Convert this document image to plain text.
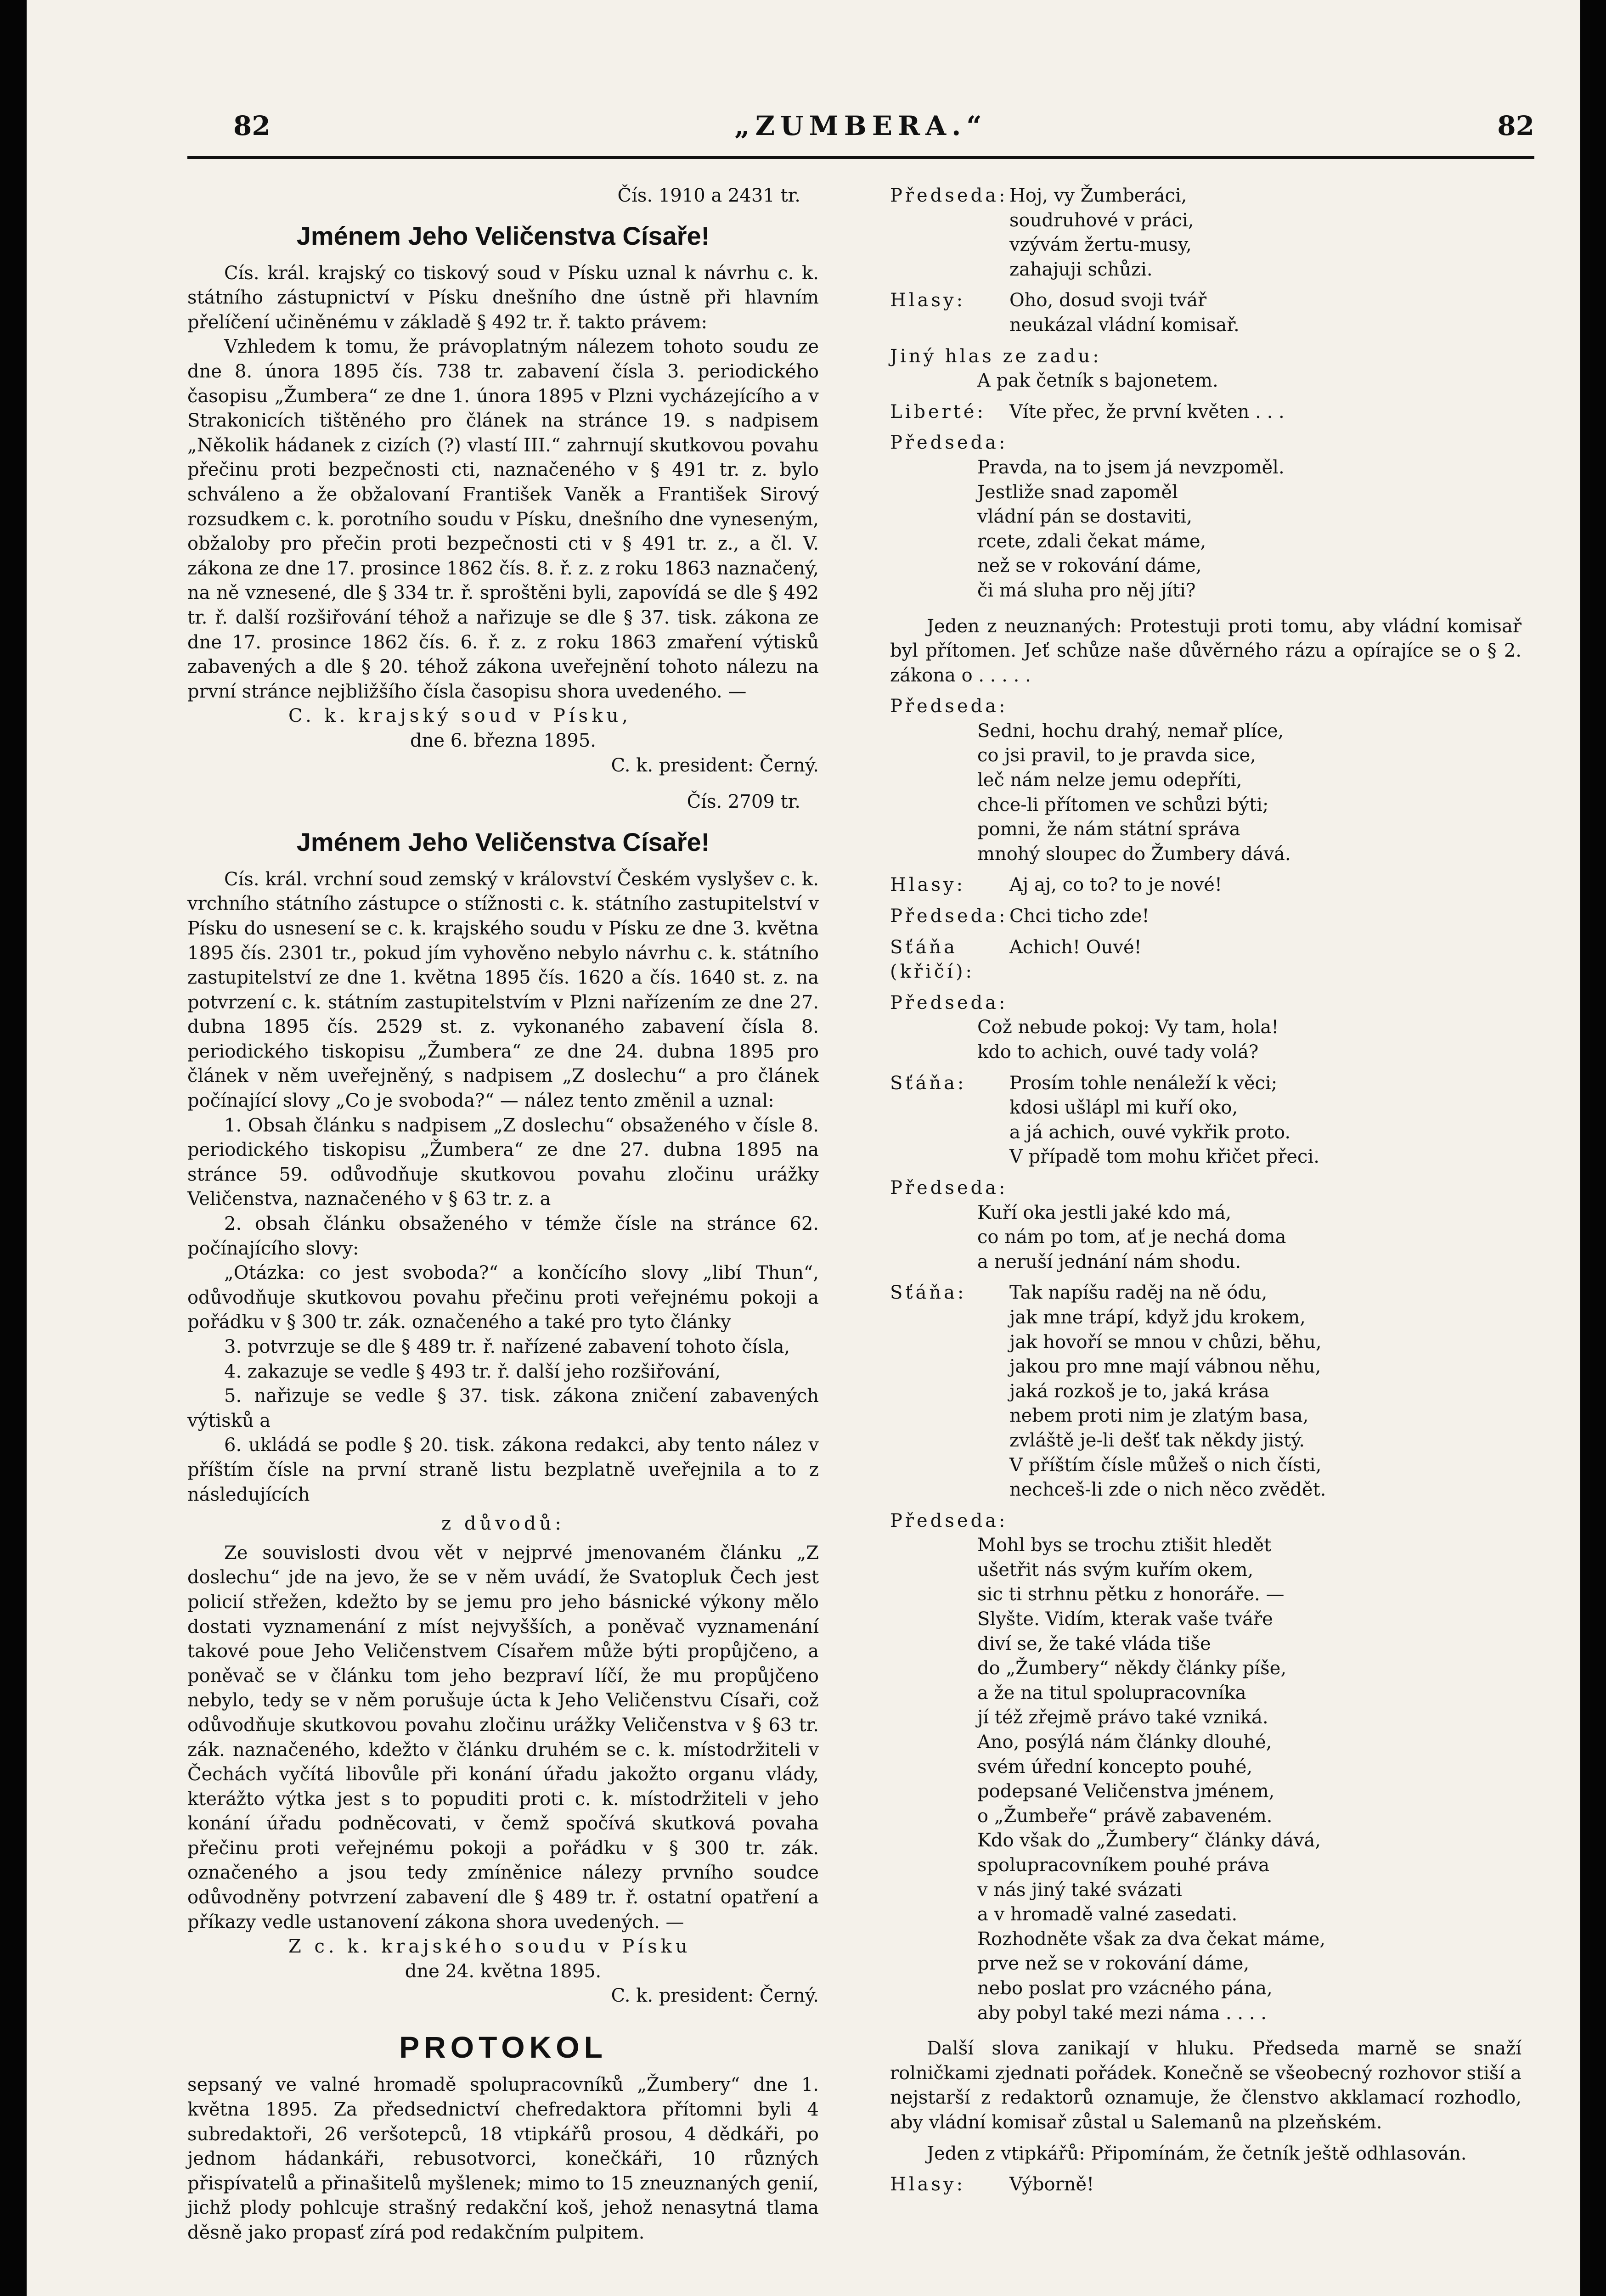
82	„ZUMBERA.“	82

Čís. 1910 a 2431 tr.

Jménem Jeho Veličenstva Císaře!

Cís. král. krajský co tiskový soud v Písku uznal k návrhu c. k. státního zástupnictví v Písku dnešního dne ústně při hlavním přelíčení učiněnému v základě § 492 tr. ř. takto právem:

Vzhledem k tomu, že právoplatným nálezem tohoto soudu ze dne 8. února 1895 čís. 738 tr. zabavení čísla 3. periodického časopisu „Žumbera“ ze dne 1. února 1895 v Plzni vycházejícího a v Strakonicích tištěného pro článek na stránce 19. s nadpisem „Několik hádanek z cizích (?) vlastí III.“ zahrnují skutkovou povahu přečinu proti bezpečnosti cti, naznačeného v § 491 tr. z. bylo schváleno a že obžalovaní František Vaněk a František Sirový rozsudkem c. k. porotního soudu v Písku, dnešního dne vyneseným, obžaloby pro přečin proti bezpečnosti cti v § 491 tr. z., a čl. V. zákona ze dne 17. prosince 1862 čís. 8. ř. z. z roku 1863 naznačený, na ně vznesené, dle § 334 tr. ř. sproštěni byli, zapovídá se dle § 492 tr. ř. další rozšiřování téhož a nařizuje se dle § 37. tisk. zákona ze dne 17. prosince 1862 čís. 6. ř. z. z roku 1863 zmaření výtisků zabavených a dle § 20. téhož zákona uveřejnění tohoto nálezu na první stránce nejbližšího čísla časopisu shora uvedeného. —

C. k. krajský soud v Písku,

dne 6. března 1895.

C. k. president: Černý.

Čís. 2709 tr.

Jménem Jeho Veličenstva Císaře!

Cís. král. vrchní soud zemský v království Českém vyslyšev c. k. vrchního státního zástupce o stížnosti c. k. státního zastupitelství v Písku do usnesení se c. k. krajského soudu v Písku ze dne 3. května 1895 čís. 2301 tr., pokud jím vyhověno nebylo návrhu c. k. státního zastupitelství ze dne 1. května 1895 čís. 1620 a čís. 1640 st. z. na potvrzení c. k. státním zastupitelstvím v Plzni nařízením ze dne 27. dubna 1895 čís. 2529 st. z. vykonaného zabavení čísla 8. periodického tiskopisu „Žumbera“ ze dne 24. dubna 1895 pro článek v něm uveřejněný, s nadpisem „Z doslechu“ a pro článek počínající slovy „Co je svoboda?“ — nález tento změnil a uznal:

1. Obsah článku s nadpisem „Z doslechu“ obsaženého v čísle 8. periodického tiskopisu „Žumbera“ ze dne 27. dubna 1895 na stránce 59. odůvodňuje skutkovou povahu zločinu urážky Veličenstva, naznačeného v § 63 tr. z. a

2. obsah článku obsaženého v témže čísle na stránce 62. počínajícího slovy:

„Otázka: co jest svoboda?“ a končícího slovy „libí Thun“, odůvodňuje skutkovou povahu přečinu proti veřejnému pokoji a pořádku v § 300 tr. zák. označeného a také pro tyto články

3. potvrzuje se dle § 489 tr. ř. nařízené zabavení tohoto čísla,

4. zakazuje se vedle § 493 tr. ř. další jeho rozšiřování,

5. nařizuje se vedle § 37. tisk. zákona zničení zabavených výtisků a

6. ukládá se podle § 20. tisk. zákona redakci, aby tento nález v příštím čísle na první straně listu bezplatně uveřejnila a to z následujících

z důvodů:

Ze souvislosti dvou vět v nejprvé jmenovaném článku „Z doslechu“ jde na jevo, že se v něm uvádí, že Svatopluk Čech jest policií střežen, kdežto by se jemu pro jeho básnické výkony mělo dostati vyznamenání z míst nejvyšších, a poněvač vyznamenání takové poue Jeho Veličenstvem Císařem může býti propůjčeno, a poněvač se v článku tom jeho bezpraví líčí, že mu propůjčeno nebylo, tedy se v něm porušuje úcta k Jeho Veličenstvu Císaři, což odůvodňuje skutkovou povahu zločinu urážky Veličenstva v § 63 tr. zák. naznačeného, kdežto v článku druhém se c. k. místodržiteli v Čechách vyčítá libovůle při konání úřadu jakožto organu vlády, kterážto výtka jest s to popuditi proti c. k. místodržiteli v jeho konání úřadu podněcovati, v čemž spočívá skutková povaha přečinu proti veřejnému pokoji a pořádku v § 300 tr. zák. označeného a jsou tedy zmíněnice nálezy prvního soudce odůvodněny potvrzení zabavení dle § 489 tr. ř. ostatní opatření a příkazy vedle ustanovení zákona shora uvedených. —

Z c. k. krajského soudu v Písku

dne 24. května 1895.

C. k. president: Černý.

PROTOKOL

sepsaný ve valné hromadě spolupracovníků „Žumbery“ dne 1. května 1895. Za předsednictví chefredaktora přítomni byli 4 subredaktoři, 26 veršotepců, 18 vtipkářů prosou, 4 dědkáři, po jednom hádankáři, rebusotvorci, konečkáři, 10 různých přispívatelů a přinašitelů myšlenek; mimo to 15 zneuznaných genií, jichž plody pohlcuje strašný redakční koš, jehož nenasytná tlama děsně jako propasť zírá pod redakčním pulpitem.

Předseda: Hoj, vy Žumberáci,
soudruhové v práci,
vzývám žertu-musy,
zahajuji schůzi.
Hlasy:	Oho, dosud svoji tvář
neukázal vládní komisař.

Jiný hlas ze zadu:

A pak četník s bajonetem.

Liberté:	Víte přec, že první květen . . .

Předseda:

Pravda, na to jsem já nevzpoměl.
Jestliže snad zapoměl
vládní pán se dostaviti,
rcete, zdali čekat máme,
než se v rokování dáme,
či má sluha pro něj jíti?

Jeden z neuznaných: Protestuji proti tomu, aby vládní komisař byl přítomen. Jeť schůze naše důvěrného rázu a opírajíce se o § 2. zákona o . . . . .

Předseda:

Sedni, hochu drahý, nemař plíce,
co jsi pravil, to je pravda sice,
leč nám nelze jemu odepříti,
chce-li přítomen ve schůzi býti;
pomni, že nám státní správa
mnohý sloupec do Žumbery dává.

Hlasy:	Aj aj, co to? to je nové!
Předseda: Chci ticho zde!
Sťáňa (křičí):
Achich! Ouvé!

Předseda:

Což nebude pokoj: Vy tam, hola!
kdo to achich, ouvé tady volá?

Sťáňa:	Prosím tohle nenáleží k věci;
kdosi ušlápl mi kuří oko,
a já achich, ouvé vykřik proto.
V případě tom mohu křičet přeci.

Předseda:

Kuří oka jestli jaké kdo má,
co nám po tom, ať je nechá doma
a neruší jednání nám shodu.

Sťáňa:	Tak napíšu raděj na ně ódu,
jak mne trápí, když jdu krokem,
jak hovoří se mnou v chůzi, běhu,
jakou pro mne mají vábnou něhu,
jaká rozkoš je to, jaká krása
nebem proti nim je zlatým basa,
zvláště je-li dešť tak někdy jistý.
V příštím čísle můžeš o nich čísti,
nechceš-li zde o nich něco zvědět.

Předseda:

Mohl bys se trochu ztišit hledět
ušetřit nás svým kuřím okem,
sic ti strhnu pětku z honoráře. —
Slyšte. Vidím, kterak vaše tváře
diví se, že také vláda tiše
do „Žumbery“ někdy články píše,
a že na titul spolupracovníka
jí též zřejmě právo také vzniká.
Ano, posýlá nám články dlouhé,
svém úřední koncepto pouhé,
podepsané Veličenstva jménem,
o „Žumbeře“ právě zabaveném.
Kdo však do „Žumbery“ články dává,
spolupracovníkem pouhé práva
v nás jiný také svázati
a v hromadě valné zasedati.
Rozhodněte však za dva čekat máme,
prve než se v rokování dáme,
nebo poslat pro vzácného pána,
aby pobyl také mezi náma . . . .

Další slova zanikají v hluku. Předseda marně se snaží rolničkami zjednati pořádek. Konečně se všeobecný rozhovor stiší a nejstarší z redaktorů oznamuje, že členstvo akklamací rozhodlo, aby vládní komisař zůstal u Salemanů na plzeňském.

Jeden z vtipkářů: Připomínám, že četník ještě odhlasován.

Hlasy:	Výborně!
